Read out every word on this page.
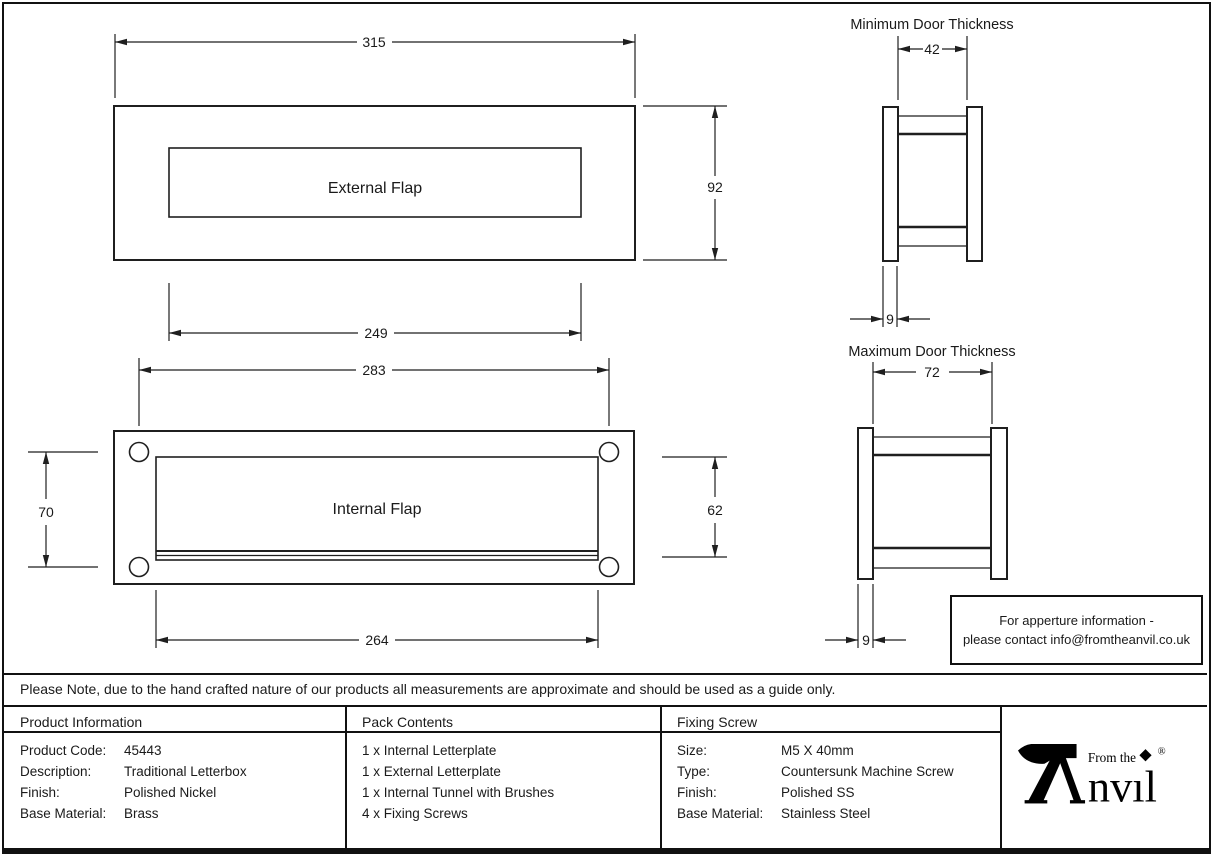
315
External Flap
249
92
283
Internal Flap
70	62
264
Minimum Door Thickness
42
9
Maximum Door Thickness
72
9
For apperture information -
please contact info@fromtheanvil.co.uk
Please Note, due to the hand crafted nature of our products all measurements are approximate and should be used as a guide only.
Product Information
Product Code:	45443
Description:	Traditional Letterbox
Finish:	Polished Nickel
Base Material:	Brass
Pack Contents
1 x Internal Letterplate
1 x External Letterplate
1 x Internal Tunnel with Brushes
4 x Fixing Screws
Fixing Screw
Size:	M5 X 40mm
Type:	Countersunk Machine Screw
Finish:	Polished SS
Base Material:	Stainless Steel
From the
nvıl
®
